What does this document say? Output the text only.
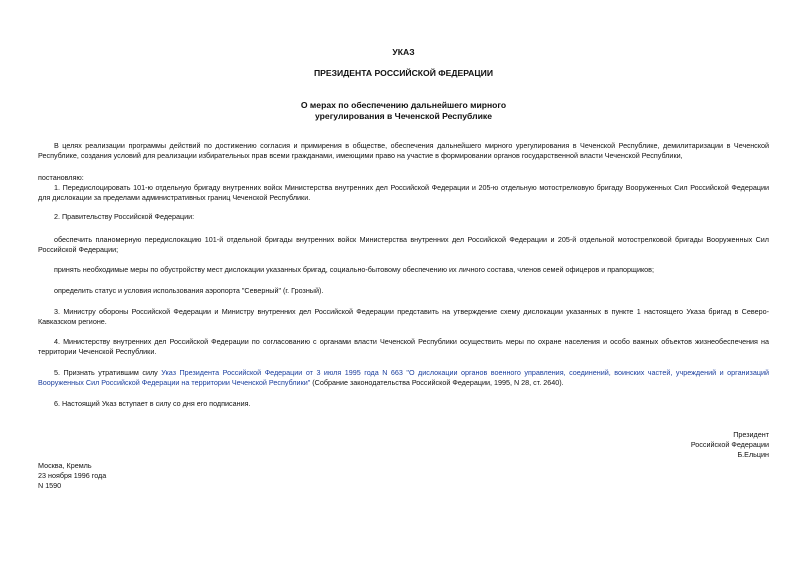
УКАЗ
ПРЕЗИДЕНТА РОССИЙСКОЙ ФЕДЕРАЦИИ
О мерах по обеспечению дальнейшего мирного
урегулирования в Чеченской Республике
В целях реализации программы действий по достижению согласия и примирения в обществе, обеспечения дальнейшего мирного урегулирования в Чеченской Республике, демилитаризации в Чеченской Республике, создания условий для реализации избирательных прав всеми гражданами, имеющими право на участие в формировании органов государственной власти Чеченской Республики,
постановляю:
1. Передислоцировать 101-ю отдельную бригаду внутренних войск Министерства внутренних дел Российской Федерации и 205-ю отдельную мотострелковую бригаду Вооруженных Сил Российской Федерации для дислокации за пределами административных границ Чеченской Республики.
2. Правительству Российской Федерации:
обеспечить планомерную передислокацию 101-й отдельной бригады внутренних войск Министерства внутренних дел Российской Федерации и 205-й отдельной мотострелковой бригады Вооруженных Сил Российской Федерации;
принять необходимые меры по обустройству мест дислокации указанных бригад, социально-бытовому обеспечению их личного состава, членов семей офицеров и прапорщиков;
определить статус и условия использования аэропорта "Северный" (г. Грозный).
3. Министру обороны Российской Федерации и Министру внутренних дел Российской Федерации представить на утверждение схему дислокации указанных в пункте 1 настоящего Указа бригад в Северо-Кавказском регионе.
4. Министерству внутренних дел Российской Федерации по согласованию с органами власти Чеченской Республики осуществить меры по охране населения и особо важных объектов жизнеобеспечения на территории Чеченской Республики.
5. Признать утратившим силу Указ Президента Российской Федерации от 3 июля 1995 года N 663 "О дислокации органов военного управления, соединений, воинских частей, учреждений и организаций Вооруженных Сил Российской Федерации на территории Чеченской Республики" (Собрание законодательства Российской Федерации, 1995, N 28, ст. 2640).
6. Настоящий Указ вступает в силу со дня его подписания.
Президент
Российской Федерации
Б.Ельцин
Москва, Кремль
23 ноября 1996 года
N 1590
